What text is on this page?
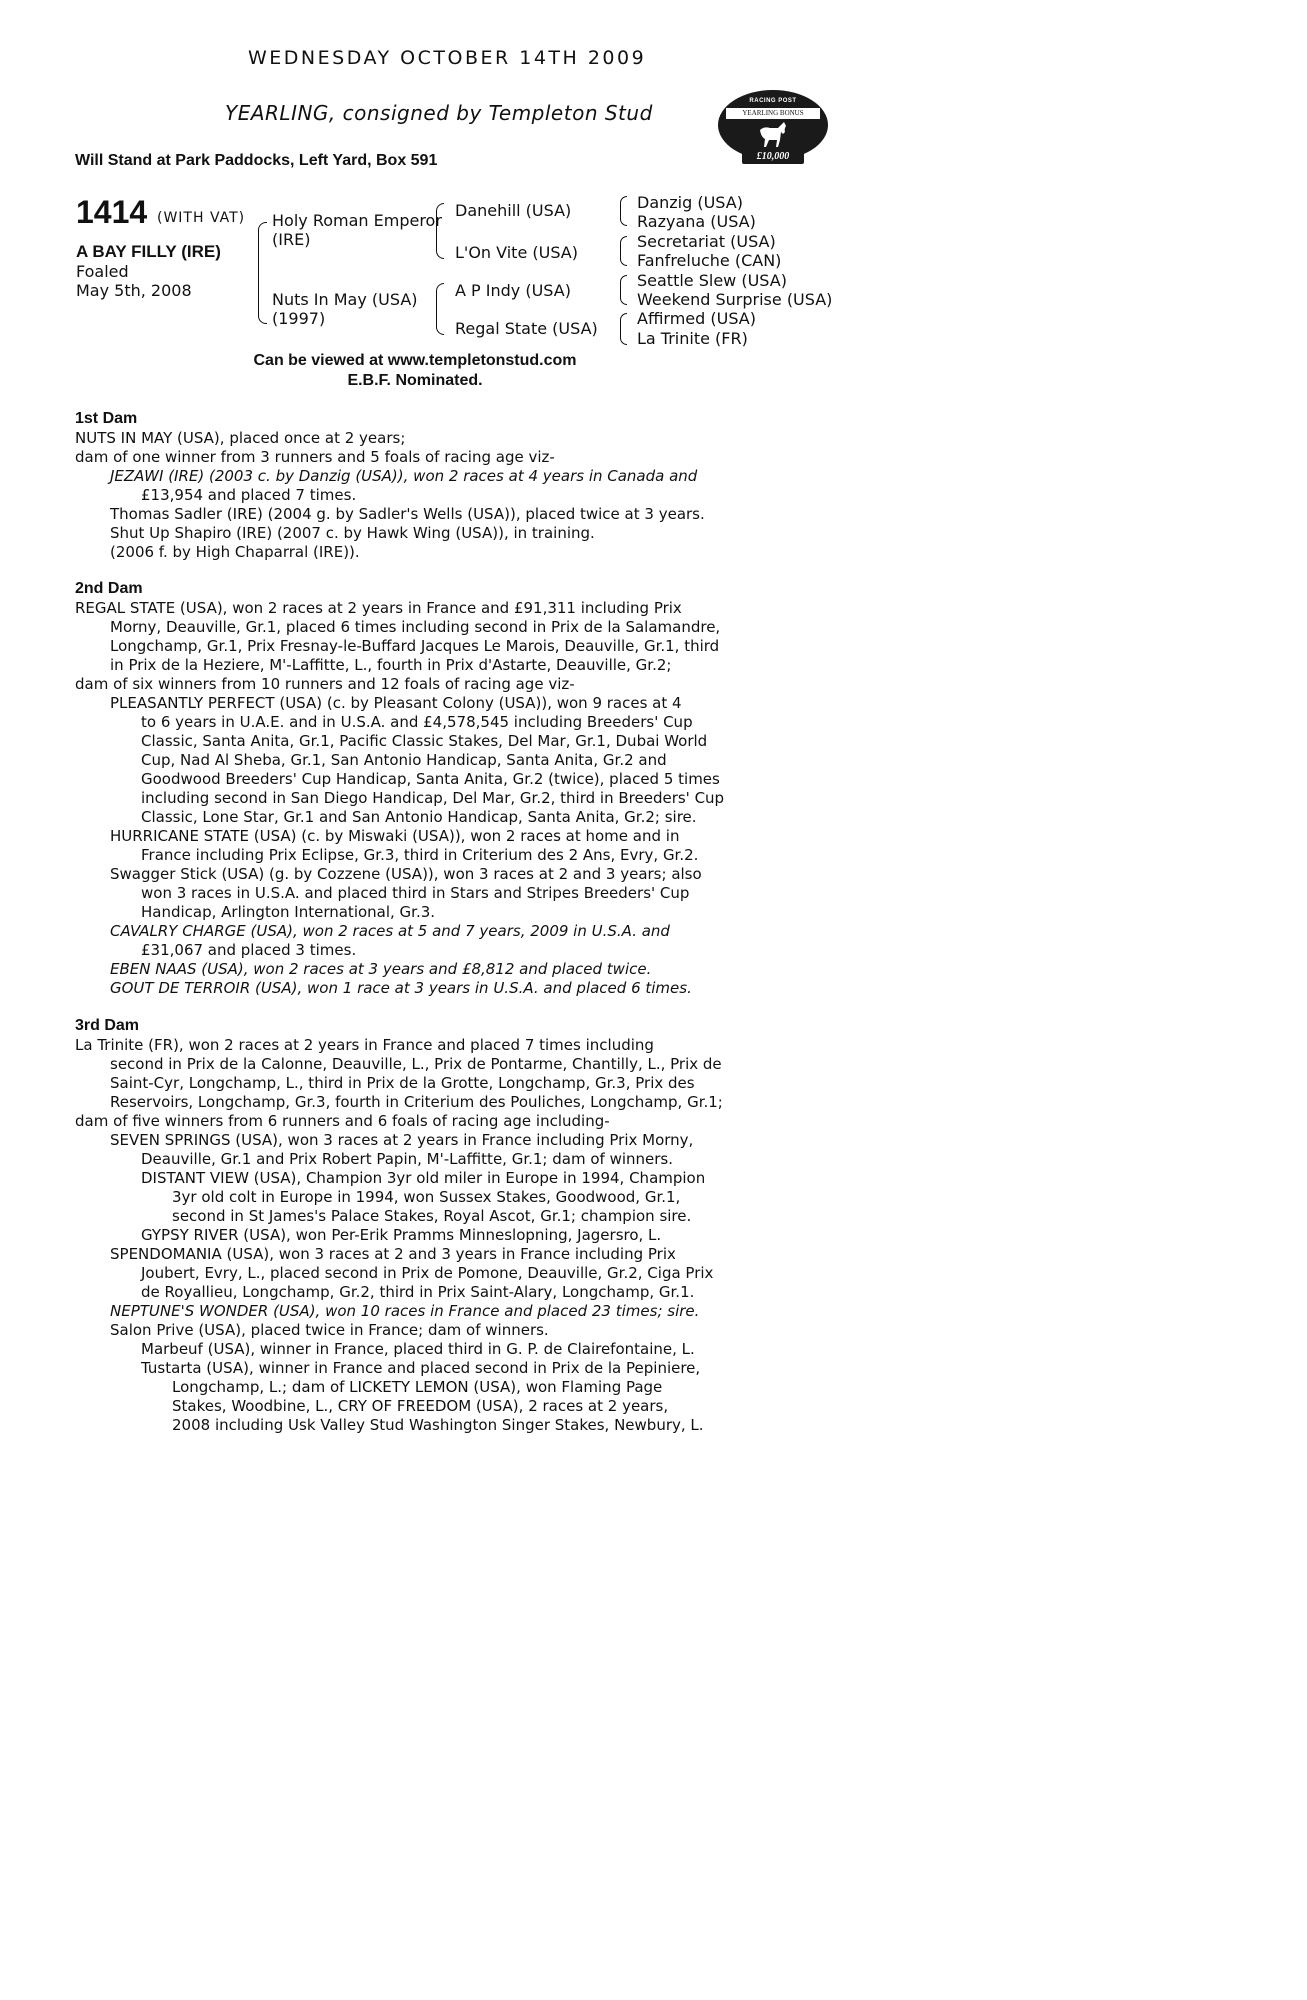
WEDNESDAY OCTOBER 14TH 2009
YEARLING, consigned by Templeton Stud
Will Stand at Park Paddocks, Left Yard, Box 591
RACING POST
YEARLING BONUS
£10,000
1414 (WITH VAT)
A BAY FILLY (IRE)
Foaled
May 5th, 2008
Holy Roman Emperor
(IRE)
Nuts In May (USA)
(1997)
Danehill (USA)
L'On Vite (USA)
A P Indy (USA)
Regal State (USA)
Danzig (USA)
Razyana (USA)
Secretariat (USA)
Fanfreluche (CAN)
Seattle Slew (USA)
Weekend Surprise (USA)
Affirmed (USA)
La Trinite (FR)
Can be viewed at www.templetonstud.com
E.B.F. Nominated.
1st Dam
NUTS IN MAY (USA), placed once at 2 years;
dam of one winner from 3 runners and 5 foals of racing age viz-
JEZAWI (IRE) (2003 c. by Danzig (USA)), won 2 races at 4 years in Canada and
£13,954 and placed 7 times.
Thomas Sadler (IRE) (2004 g. by Sadler's Wells (USA)), placed twice at 3 years.
Shut Up Shapiro (IRE) (2007 c. by Hawk Wing (USA)), in training.
(2006 f. by High Chaparral (IRE)).
2nd Dam
REGAL STATE (USA), won 2 races at 2 years in France and £91,311 including Prix
Morny, Deauville, Gr.1, placed 6 times including second in Prix de la Salamandre,
Longchamp, Gr.1, Prix Fresnay-le-Buffard Jacques Le Marois, Deauville, Gr.1, third
in Prix de la Heziere, M'-Laffitte, L., fourth in Prix d'Astarte, Deauville, Gr.2;
dam of six winners from 10 runners and 12 foals of racing age viz-
PLEASANTLY PERFECT (USA) (c. by Pleasant Colony (USA)), won 9 races at 4
to 6 years in U.A.E. and in U.S.A. and £4,578,545 including Breeders' Cup
Classic, Santa Anita, Gr.1, Pacific Classic Stakes, Del Mar, Gr.1, Dubai World
Cup, Nad Al Sheba, Gr.1, San Antonio Handicap, Santa Anita, Gr.2 and
Goodwood Breeders' Cup Handicap, Santa Anita, Gr.2 (twice), placed 5 times
including second in San Diego Handicap, Del Mar, Gr.2, third in Breeders' Cup
Classic, Lone Star, Gr.1 and San Antonio Handicap, Santa Anita, Gr.2; sire.
HURRICANE STATE (USA) (c. by Miswaki (USA)), won 2 races at home and in
France including Prix Eclipse, Gr.3, third in Criterium des 2 Ans, Evry, Gr.2.
Swagger Stick (USA) (g. by Cozzene (USA)), won 3 races at 2 and 3 years; also
won 3 races in U.S.A. and placed third in Stars and Stripes Breeders' Cup
Handicap, Arlington International, Gr.3.
CAVALRY CHARGE (USA), won 2 races at 5 and 7 years, 2009 in U.S.A. and
£31,067 and placed 3 times.
EBEN NAAS (USA), won 2 races at 3 years and £8,812 and placed twice.
GOUT DE TERROIR (USA), won 1 race at 3 years in U.S.A. and placed 6 times.
3rd Dam
La Trinite (FR), won 2 races at 2 years in France and placed 7 times including
second in Prix de la Calonne, Deauville, L., Prix de Pontarme, Chantilly, L., Prix de
Saint-Cyr, Longchamp, L., third in Prix de la Grotte, Longchamp, Gr.3, Prix des
Reservoirs, Longchamp, Gr.3, fourth in Criterium des Pouliches, Longchamp, Gr.1;
dam of five winners from 6 runners and 6 foals of racing age including-
SEVEN SPRINGS (USA), won 3 races at 2 years in France including Prix Morny,
Deauville, Gr.1 and Prix Robert Papin, M'-Laffitte, Gr.1; dam of winners.
DISTANT VIEW (USA), Champion 3yr old miler in Europe in 1994, Champion
3yr old colt in Europe in 1994, won Sussex Stakes, Goodwood, Gr.1,
second in St James's Palace Stakes, Royal Ascot, Gr.1; champion sire.
GYPSY RIVER (USA), won Per-Erik Pramms Minneslopning, Jagersro, L.
SPENDOMANIA (USA), won 3 races at 2 and 3 years in France including Prix
Joubert, Evry, L., placed second in Prix de Pomone, Deauville, Gr.2, Ciga Prix
de Royallieu, Longchamp, Gr.2, third in Prix Saint-Alary, Longchamp, Gr.1.
NEPTUNE'S WONDER (USA), won 10 races in France and placed 23 times; sire.
Salon Prive (USA), placed twice in France; dam of winners.
Marbeuf (USA), winner in France, placed third in G. P. de Clairefontaine, L.
Tustarta (USA), winner in France and placed second in Prix de la Pepiniere,
Longchamp, L.; dam of LICKETY LEMON (USA), won Flaming Page
Stakes, Woodbine, L., CRY OF FREEDOM (USA), 2 races at 2 years,
2008 including Usk Valley Stud Washington Singer Stakes, Newbury, L.
